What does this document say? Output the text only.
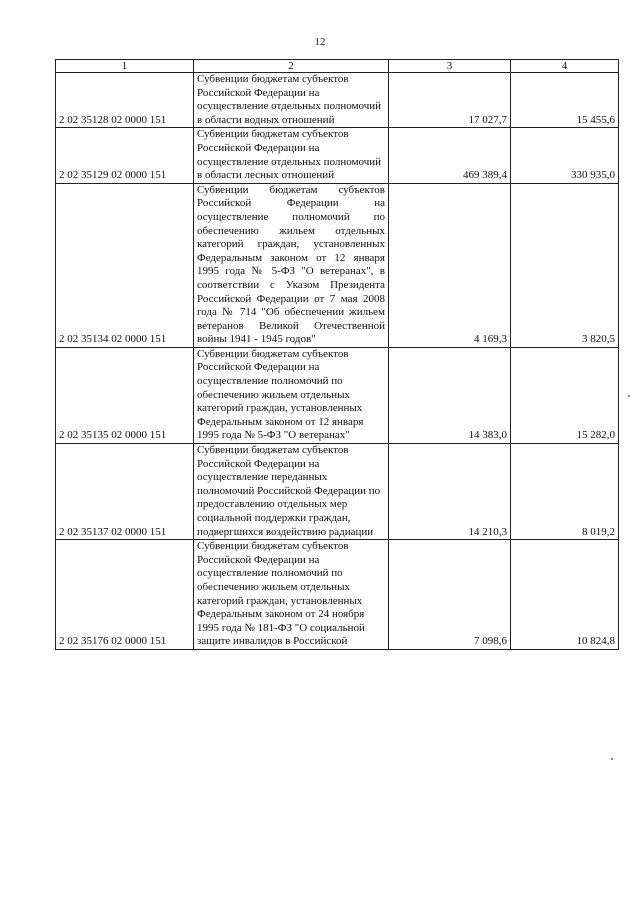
12
1	2	3	4
2 02 35128 02 0000 151	Субвенции бюджетам субъектов Российской Федерации на осуществление отдельных полномочий в области водных отношений	17 027,7	15 455,6
2 02 35129 02 0000 151	Субвенции бюджетам субъектов Российской Федерации на осуществление отдельных полномочий в области лесных отношений	469 389,4	330 935,0
2 02 35134 02 0000 151	Субвенции бюджетам субъектов Российской Федерации на осуществление полномочий по обеспечению жильем отдельных категорий граждан, установленных Федеральным законом от 12 января 1995 года № 5-ФЗ "О ветеранах", в соответствии с Указом Президента Российской Федерации от 7 мая 2008 года № 714 "Об обеспечении жильем ветеранов Великой Отечественной войны 1941 - 1945 годов"	4 169,3	3 820,5
2 02 35135 02 0000 151	Субвенции бюджетам субъектов Российской Федерации на осуществление полномочий по обеспечению жильем отдельных категорий граждан, установленных Федеральным законом от 12 января 1995 года № 5-ФЗ "О ветеранах"	14 383,0	15 282,0
2 02 35137 02 0000 151	Субвенции бюджетам субъектов Российской Федерации на осуществление переданных полномочий Российской Федерации по предоставлению отдельных мер социальной поддержки граждан, подвергшихся воздействию радиации	14 210,3	8 019,2
2 02 35176 02 0000 151	Субвенции бюджетам субъектов Российской Федерации на осуществление полномочий по обеспечению жильем отдельных категорий граждан, установленных Федеральным законом от 24 ноября 1995 года № 181-ФЗ "О социальной защите инвалидов в Российской	7 098,6	10 824,8
